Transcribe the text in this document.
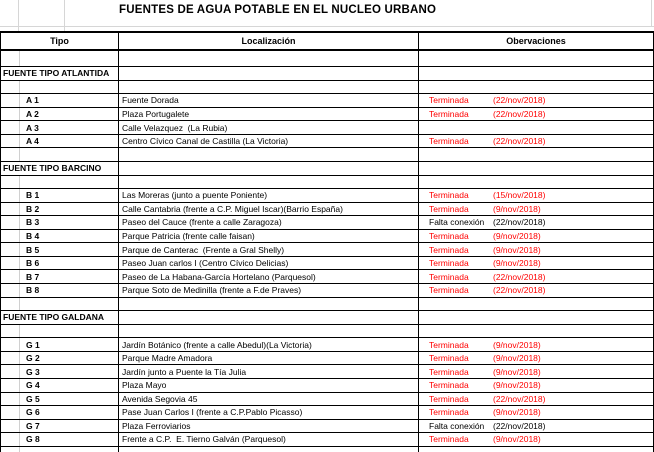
FUENTES DE AGUA POTABLE EN EL NUCLEO URBANO
Tipo	Localización	Obervaciones
FUENTE TIPO ATLANTIDA
A 1	Fuente Dorada	Terminada	(22/nov/2018)
A 2	Plaza Portugalete	Terminada	(22/nov/2018)
A 3	Calle Velazquez  (La Rubia)
A 4	Centro Cívico Canal de Castilla (La Victoria)	Terminada	(22/nov/2018)
FUENTE TIPO BARCINO
B 1	Las Moreras (junto a puente Poniente)	Terminada	(15/nov/2018)
B 2	Calle Cantabria (frente a C.P. Miguel Iscar)(Barrio España)	Terminada	(9/nov/2018)
B 3	Paseo del Cauce (frente a calle Zaragoza)	Falta conexión	(22/nov/2018)
B 4	Parque Patricia (frente calle faisan)	Terminada	(9/nov/2018)
B 5	Parque de Canterac  (Frente a Gral Shelly)	Terminada	(9/nov/2018)
B 6	Paseo Juan carlos I (Centro Cívico Delicias)	Terminada	(9/nov/2018)
B 7	Paseo de La Habana-García Hortelano (Parquesol)	Terminada	(22/nov/2018)
B 8	Parque Soto de Medinilla (frente a F.de Praves)	Terminada	(22/nov/2018)
FUENTE TIPO GALDANA
G 1	Jardín Botánico (frente a calle Abedul)(La Victoria)	Terminada	(9/nov/2018)
G 2	Parque Madre Amadora	Terminada	(9/nov/2018)
G 3	Jardín junto a Puente la Tía Julia	Terminada	(9/nov/2018)
G 4	Plaza Mayo	Terminada	(9/nov/2018)
G 5	Avenida Segovia 45	Terminada	(22/nov/2018)
G 6	Pase Juan Carlos I (frente a C.P.Pablo Picasso)	Terminada	(9/nov/2018)
G 7	Plaza Ferroviarios	Falta conexión	(22/nov/2018)
G 8	Frente a C.P.  E. Tierno Galván (Parquesol)	Terminada	(9/nov/2018)
